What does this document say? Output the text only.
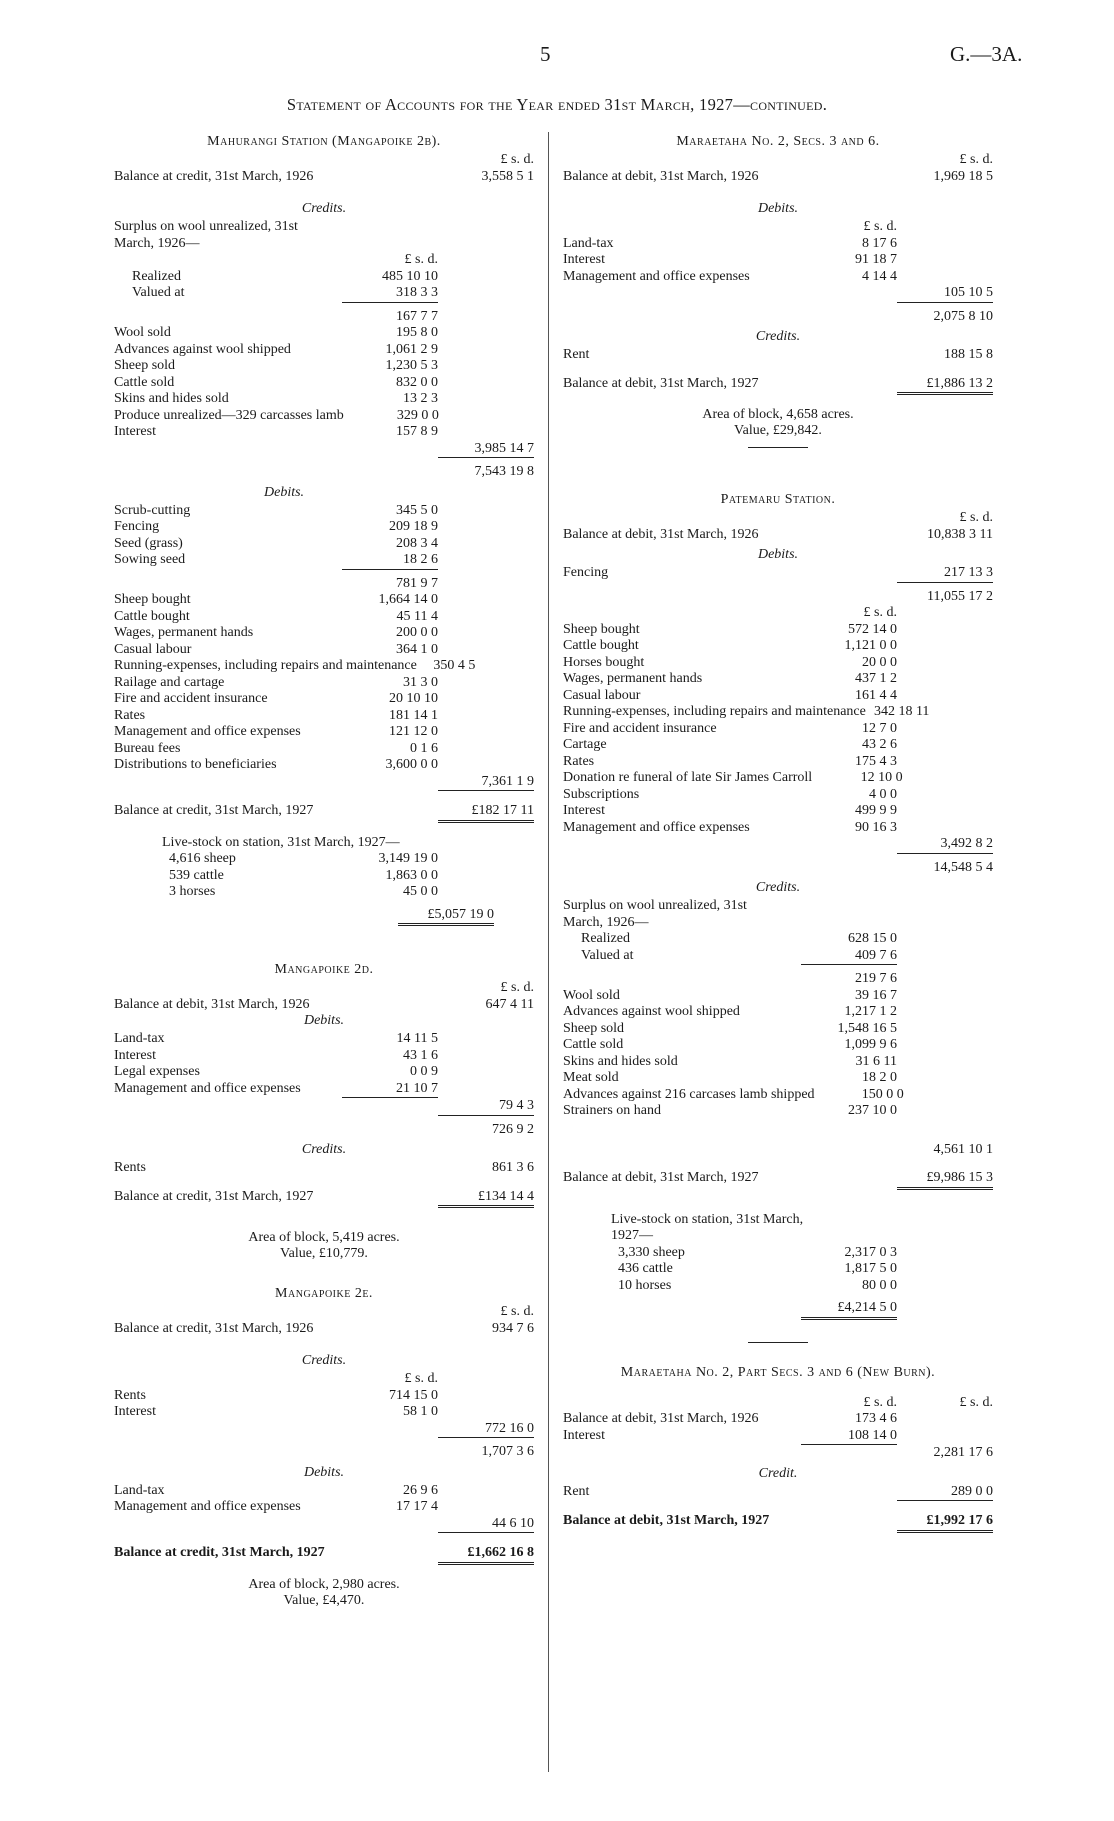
5	G.—3A.
Statement of Accounts for the Year ended 31st March, 1927—continued.
Mahurangi Station (Mangapoike 2b).
£ s. d.
Balance at credit, 31st March, 1926	3,558 5 1
Credits.
Surplus on wool unrealized, 31st March, 1926—
£ s. d.
Realized	485 10 10
Valued at	318 3 3
167 7 7
Wool sold	195 8 0
Advances against wool shipped	1,061 2 9
Sheep sold	1,230 5 3
Cattle sold	832 0 0
Skins and hides sold	13 2 3
Produce unrealized—329 carcasses lamb	329 0 0
Interest	157 8 9
3,985 14 7
7,543 19 8
Debits.
Scrub-cutting	345 5 0
Fencing	209 18 9
Seed (grass)	208 3 4
Sowing seed	18 2 6
781 9 7
Sheep bought	1,664 14 0
Cattle bought	45 11 4
Wages, permanent hands	200 0 0
Casual labour	364 1 0
Running-expenses, including repairs and maintenance	350 4 5
Railage and cartage	31 3 0
Fire and accident insurance	20 10 10
Rates	181 14 1
Management and office expenses	121 12 0
Bureau fees	0 1 6
Distributions to beneficiaries	3,600 0 0
7,361 1 9
Balance at credit, 31st March, 1927	£182 17 11
Live-stock on station, 31st March, 1927—
4,616 sheep	3,149 19 0
539 cattle	1,863 0 0
3 horses	45 0 0
£5,057 19 0
Mangapoike 2d.
£ s. d.
Balance at debit, 31st March, 1926	647 4 11
Debits.
Land-tax	14 11 5
Interest	43 1 6
Legal expenses	0 0 9
Management and office expenses	21 10 7
79 4 3
726 9 2
Credits.
Rents	861 3 6
Balance at credit, 31st March, 1927	£134 14 4
Area of block, 5,419 acres.
Value, £10,779.
Mangapoike 2e.
£ s. d.
Balance at credit, 31st March, 1926	934 7 6
Credits.
£ s. d.
Rents	714 15 0
Interest	58 1 0
772 16 0
1,707 3 6
Debits.
Land-tax	26 9 6
Management and office expenses	17 17 4
44 6 10
Balance at credit, 31st March, 1927	£1,662 16 8
Area of block, 2,980 acres.
Value, £4,470.
Maraetaha No. 2, Secs. 3 and 6.
£ s. d.
Balance at debit, 31st March, 1926	1,969 18 5
Debits.
£ s. d.
Land-tax	8 17 6
Interest	91 18 7
Management and office expenses	4 14 4
105 10 5
2,075 8 10
Credits.
Rent	188 15 8
Balance at debit, 31st March, 1927	£1,886 13 2
Area of block, 4,658 acres.
Value, £29,842.
Patemaru Station.
£ s. d.
Balance at debit, 31st March, 1926	10,838 3 11
Debits.
Fencing	217 13 3
11,055 17 2
£ s. d.
Sheep bought	572 14 0
Cattle bought	1,121 0 0
Horses bought	20 0 0
Wages, permanent hands	437 1 2
Casual labour	161 4 4
Running-expenses, including repairs and maintenance 342 18 11
Fire and accident insurance	12 7 0
Cartage	43 2 6
Rates	175 4 3
Donation re funeral of late Sir James Carroll	12 10 0
Subscriptions	4 0 0
Interest	499 9 9
Management and office expenses	90 16 3
3,492 8 2
14,548 5 4
Credits.
Surplus on wool unrealized, 31st March, 1926—
Realized	628 15 0
Valued at	409 7 6
219 7 6
Wool sold	39 16 7
Advances against wool shipped	1,217 1 2
Sheep sold	1,548 16 5
Cattle sold	1,099 9 6
Skins and hides sold	31 6 11
Meat sold	18 2 0
Advances against 216 carcases lamb shipped	150 0 0
Strainers on hand	237 10 0
4,561 10 1
Balance at debit, 31st March, 1927	£9,986 15 3
Live-stock on station, 31st March, 1927—
3,330 sheep	2,317 0 3
436 cattle	1,817 5 0
10 horses	80 0 0
£4,214 5 0
Maraetaha No. 2, Part Secs. 3 and 6 (New Burn).
£ s. d.	£ s. d.
Balance at debit, 31st March, 1926	173 4 6
Interest	108 14 0
2,281 17 6
Credit.
Rent	289 0 0
Balance at debit, 31st March, 1927	£1,992 17 6
